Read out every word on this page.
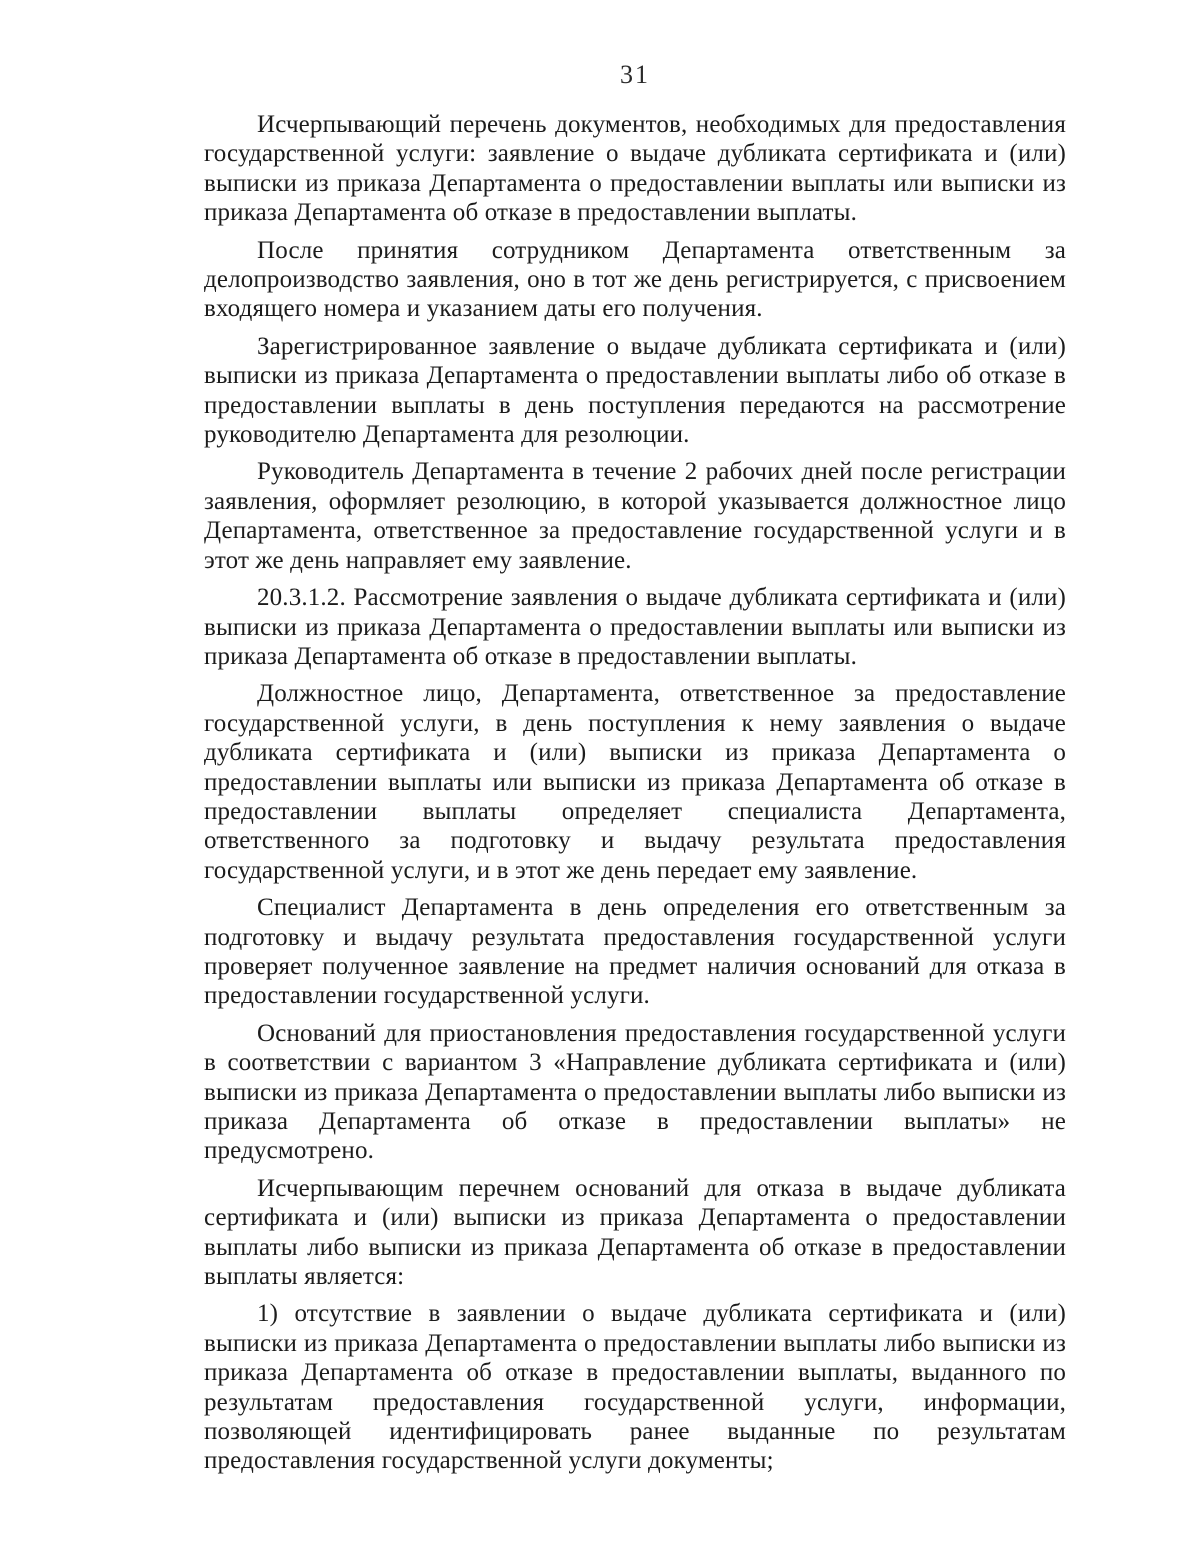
31

Исчерпывающий перечень документов, необходимых для предоставления государственной услуги: заявление о выдаче дубликата сертификата и (или) выписки из приказа Департамента о предоставлении выплаты или выписки из приказа Департамента об отказе в предоставлении выплаты.

После принятия сотрудником Департамента ответственным за делопроизводство заявления, оно в тот же день регистрируется, с присвоением входящего номера и указанием даты его получения.

Зарегистрированное заявление о выдаче дубликата сертификата и (или) выписки из приказа Департамента о предоставлении выплаты либо об отказе в предоставлении выплаты в день поступления передаются на рассмотрение руководителю Департамента для резолюции.

Руководитель Департамента в течение 2 рабочих дней после регистрации заявления, оформляет резолюцию, в которой указывается должностное лицо Департамента, ответственное за предоставление государственной услуги и в этот же день направляет ему заявление.

20.3.1.2. Рассмотрение заявления о выдаче дубликата сертификата и (или) выписки из приказа Департамента о предоставлении выплаты или выписки из приказа Департамента об отказе в предоставлении выплаты.

Должностное лицо, Департамента, ответственное за предоставление государственной услуги, в день поступления к нему заявления о выдаче дубликата сертификата и (или) выписки из приказа Департамента о предоставлении выплаты или выписки из приказа Департамента об отказе в предоставлении выплаты определяет специалиста Департамента, ответственного за подготовку и выдачу результата предоставления государственной услуги, и в этот же день передает ему заявление.

Специалист Департамента в день определения его ответственным за подготовку и выдачу результата предоставления государственной услуги проверяет полученное заявление на предмет наличия оснований для отказа в предоставлении государственной услуги.

Оснований для приостановления предоставления государственной услуги в соответствии с вариантом 3 «Направление дубликата сертификата и (или) выписки из приказа Департамента о предоставлении выплаты либо выписки из приказа Департамента об отказе в предоставлении выплаты» не предусмотрено.

Исчерпывающим перечнем оснований для отказа в выдаче дубликата сертификата и (или) выписки из приказа Департамента о предоставлении выплаты либо выписки из приказа Департамента об отказе в предоставлении выплаты является:

1) отсутствие в заявлении о выдаче дубликата сертификата и (или) выписки из приказа Департамента о предоставлении выплаты либо выписки из приказа Департамента об отказе в предоставлении выплаты, выданного по результатам предоставления государственной услуги, информации, позволяющей идентифицировать ранее выданные по результатам предоставления государственной услуги документы;
